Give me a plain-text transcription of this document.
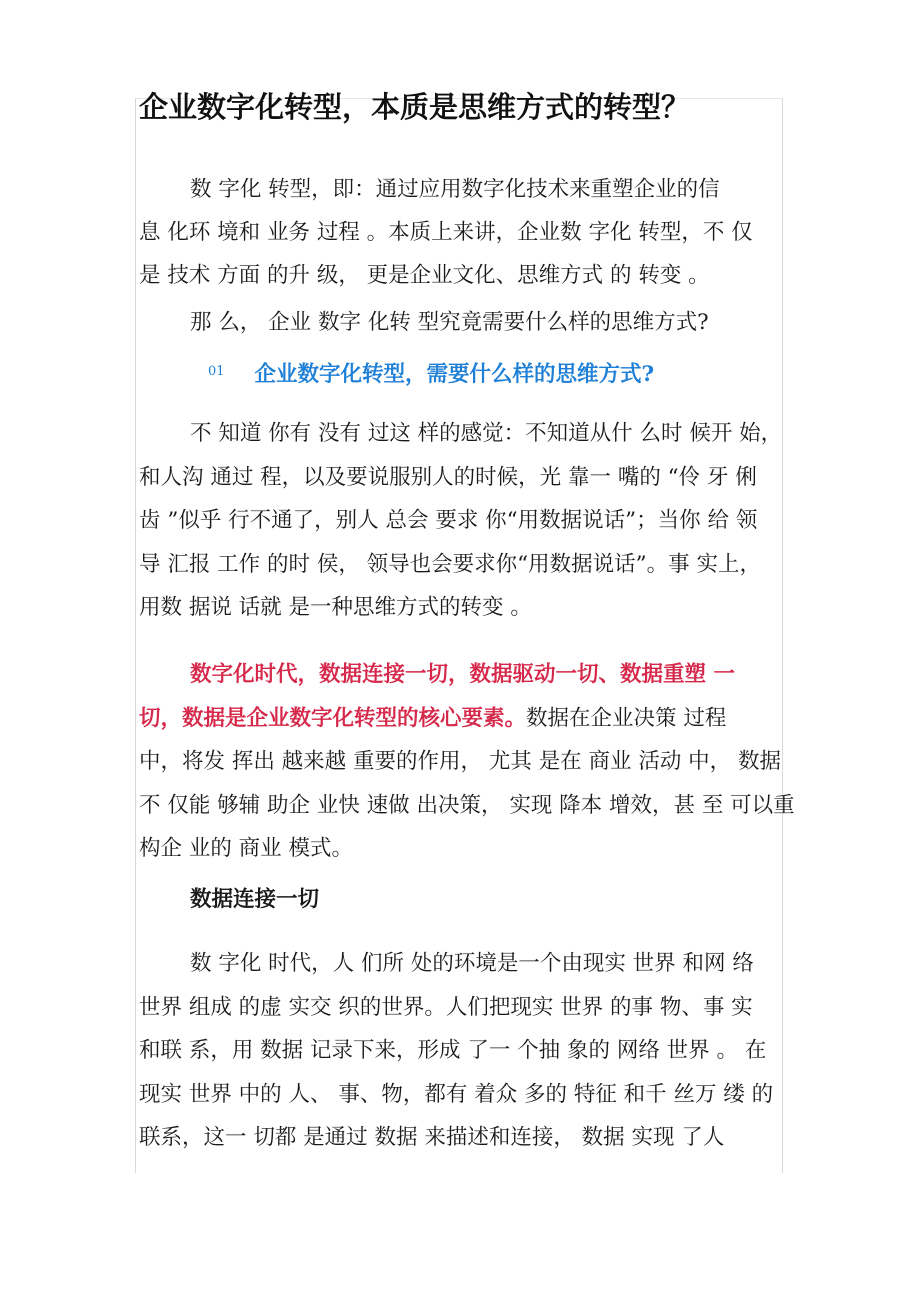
企业数字化转型，本质是思维方式的转型？
数 字化 转型，即：通过应用数字化技术来重塑企业的信
息 化环 境和 业务 过程 。本质上来讲，企业数 字化 转型，不 仅
是 技术 方面 的升 级， 更是企业文化、思维方式 的 转变 。
那 么， 企业 数字 化转 型究竟需要什么样的思维方式?
$^{01}$ 企业数字化转型，需要什么样的思维方式?
不 知道 你有 没有 过这 样的感觉：不知道从什 么时 候开 始，
和人沟 通过 程，以及要说服别人的时候，光 靠一 嘴的 “伶 牙 俐
齿 ”似乎 行不通了，别人 总会 要求 你“用数据说话”；当你 给 领
导 汇报 工作 的时 侯， 领导也会要求你“用数据说话”。事 实上，
用数 据说 话就 是一种思维方式的转变 。
数字化时代，数据连接一切，数据驱动一切、数据重塑 一
切，数据是企业数字化转型的核心要素。数据在企业决策 过程
中，将发 挥出 越来越 重要的作用， 尤其 是在 商业 活动 中， 数据
不 仅能 够辅 助企 业快 速做 出决策， 实现 降本 增效，甚 至 可以重
构企 业的 商业 模式。
数据连接一切
数 字化 时代，人 们所 处的环境是一个由现实 世界 和网 络
世界 组成 的虚 实交 织的世界。人们把现实 世界 的事 物、事 实
和联 系，用 数据 记录下来，形成 了一 个抽 象的 网络 世界 。 在
现实 世界 中的 人、 事、物，都有 着众 多的 特征 和千 丝万 缕 的
联系，这一 切都 是通过 数据 来描述和连接， 数据 实现 了人
